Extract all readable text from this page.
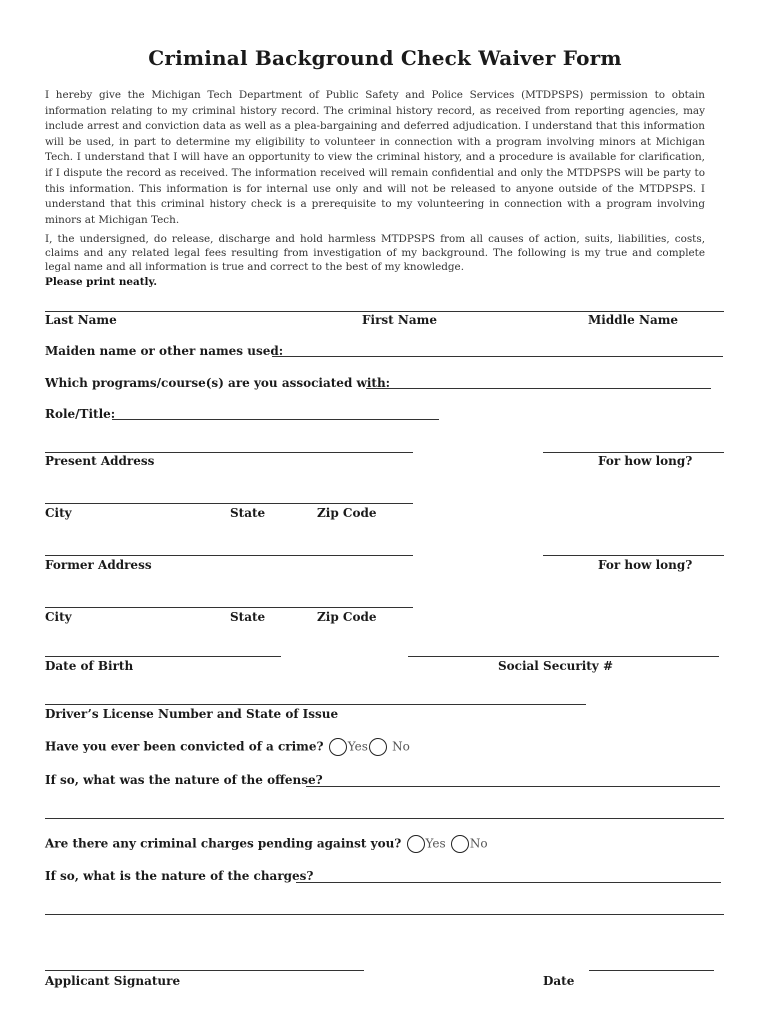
Criminal Background Check Waiver Form
I hereby give the Michigan Tech Department of Public Safety and Police Services (MTDPSPS) permission to obtain information relating to my criminal history record. The criminal history record, as received from reporting agencies, may include arrest and conviction data as well as a plea-bargaining and deferred adjudication. I understand that this information will be used, in part to determine my eligibility to volunteer in connection with a program involving minors at Michigan Tech. I understand that I will have an opportunity to view the criminal history, and a procedure is available for clarification, if I dispute the record as received. The information received will remain confidential and only the MTDPSPS will be party to this information. This information is for internal use only and will not be released to anyone outside of the MTDPSPS. I understand that this criminal history check is a prerequisite to my volunteering in connection with a program involving minors at Michigan Tech.
I, the undersigned, do release, discharge and hold harmless MTDPSPS from all causes of action, suits, liabilities, costs, claims and any related legal fees resulting from investigation of my background. The following is my true and complete legal name and all information is true and correct to the best of my knowledge.
Please print neatly.
Last Name	First Name	Middle Name
Maiden name or other names used:
Which programs/course(s) are you associated with:
Role/Title:
Present Address	For how long?
City	State	Zip Code
Former Address	For how long?
City	State	Zip Code
Date of Birth	Social Security #
Driver’s License Number and State of Issue
Have you ever been convicted of a crime? Yes No
If so, what was the nature of the offense?
Are there any criminal charges pending against you? Yes No
If so, what is the nature of the charges?
Applicant Signature	Date
